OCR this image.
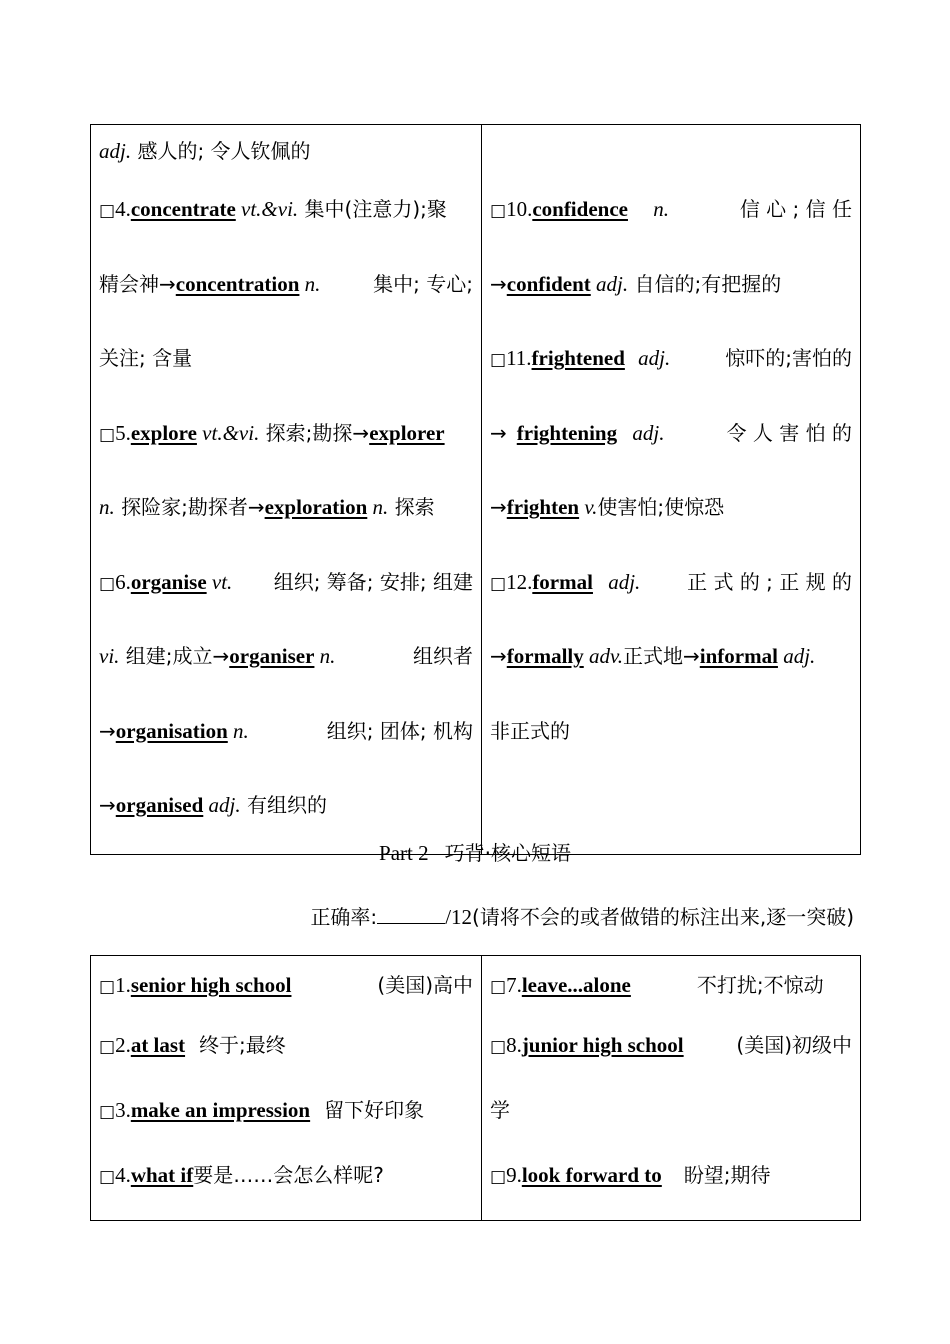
adj. 感人的; 令人钦佩的
□4.concentrate vt.&vi. 集中(注意力);聚
精会神→concentration n.	集中; 专心;
关注; 含量
□5.explore vt.&vi. 探索;勘探→explorer
n. 探险家;勘探者→exploration n. 探索
□6.organise vt. 组织; 筹备; 安排; 组建
vi. 组建;成立→organiser n.	组织者
→organisation n.	组织; 团体; 机构
→organised adj. 有组织的

□10.confidence n.	信 心 ; 信 任
→confident adj. 自信的;有把握的
□11.frightened adj.	惊吓的;害怕的
→ frightening adj.	令 人 害 怕 的
→frighten v.使害怕;使惊恐
□12.formal adj. 正 式 的 ; 正 规 的
→formally adv.正式地→informal adj.
非正式的
Part 2 巧背·核心短语
正确率:	/12(请将不会的或者做错的标注出来,逐一突破)
□1.senior high school	(美国)高中
□2.at last 终于;最终
□3.make an impression 留下好印象
□4.what if要是……会怎么样呢?

□7.leave...alone	不打扰;不惊动
□8.junior high school	(美国)初级中
学
□9.look forward to 盼望;期待
